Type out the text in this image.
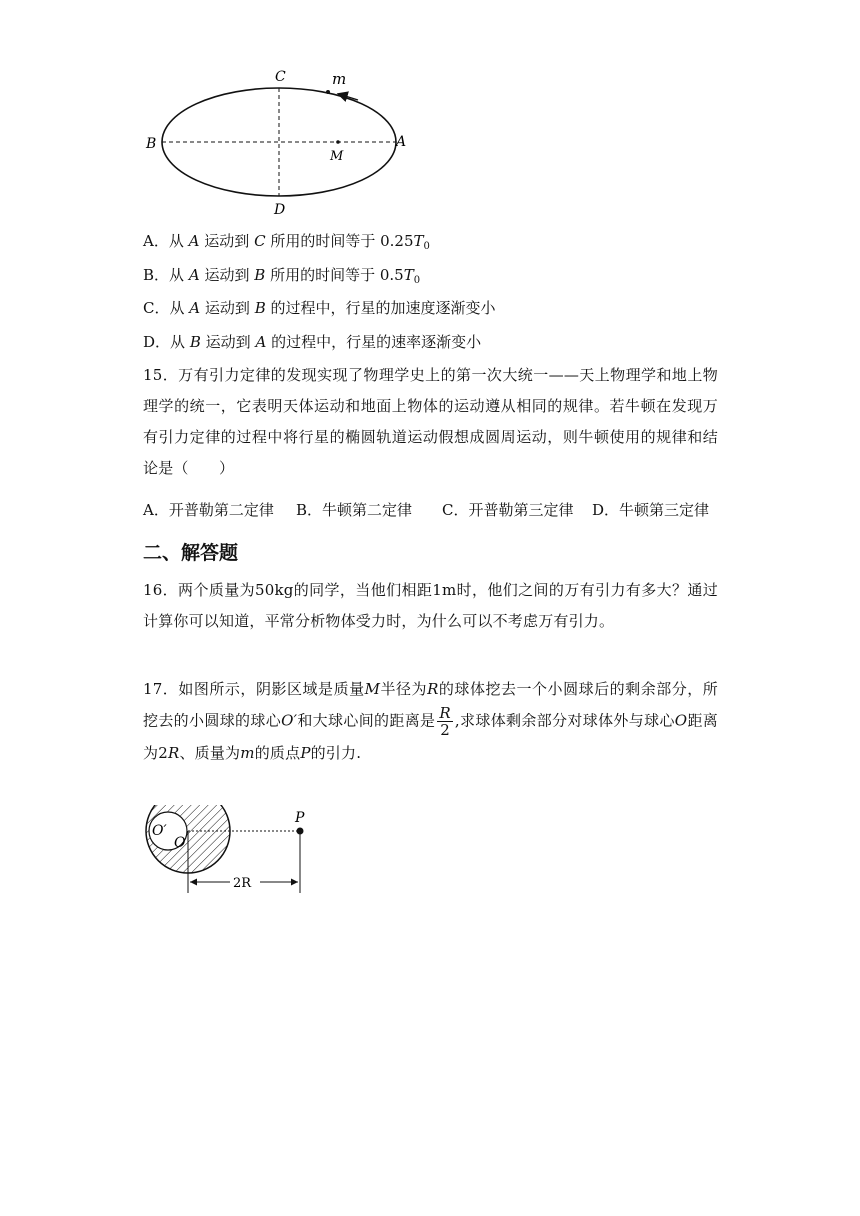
C	m
B	A
M
D
A．从 A 运动到 C 所用的时间等于 $0.25T_0$
B．从 A 运动到 B 所用的时间等于 $0.5T_0$
C．从 A 运动到 B 的过程中，行星的加速度逐渐变小
D．从 B 运动到 A 的过程中，行星的速率逐渐变小
15．万有引力定律的发现实现了物理学史上的第一次大统一——天上物理学和地上物理学的统一，它表明天体运动和地面上物体的运动遵从相同的规律。若牛顿在发现万有引力定律的过程中将行星的椭圆轨道运动假想成圆周运动，则牛顿使用的规律和结论是（　　）
A．开普勒第二定律 B．牛顿第二定律 C．开普勒第三定律 D．牛顿第三定律
二、解答题
16．两个质量为50kg的同学，当他们相距1m时，他们之间的万有引力有多大？通过计算你可以知道，平常分析物体受力时，为什么可以不考虑万有引力。
17．如图所示，阴影区域是质量M半径为R的球体挖去一个小圆球后的剩余部分，所挖去的小圆球的球心O′和大球心间的距离是 $\frac{R}{2}$ ,求球体剩余部分对球体外与球心O距离为2R、质量为m的质点P的引力.
O′
O
P
2R
